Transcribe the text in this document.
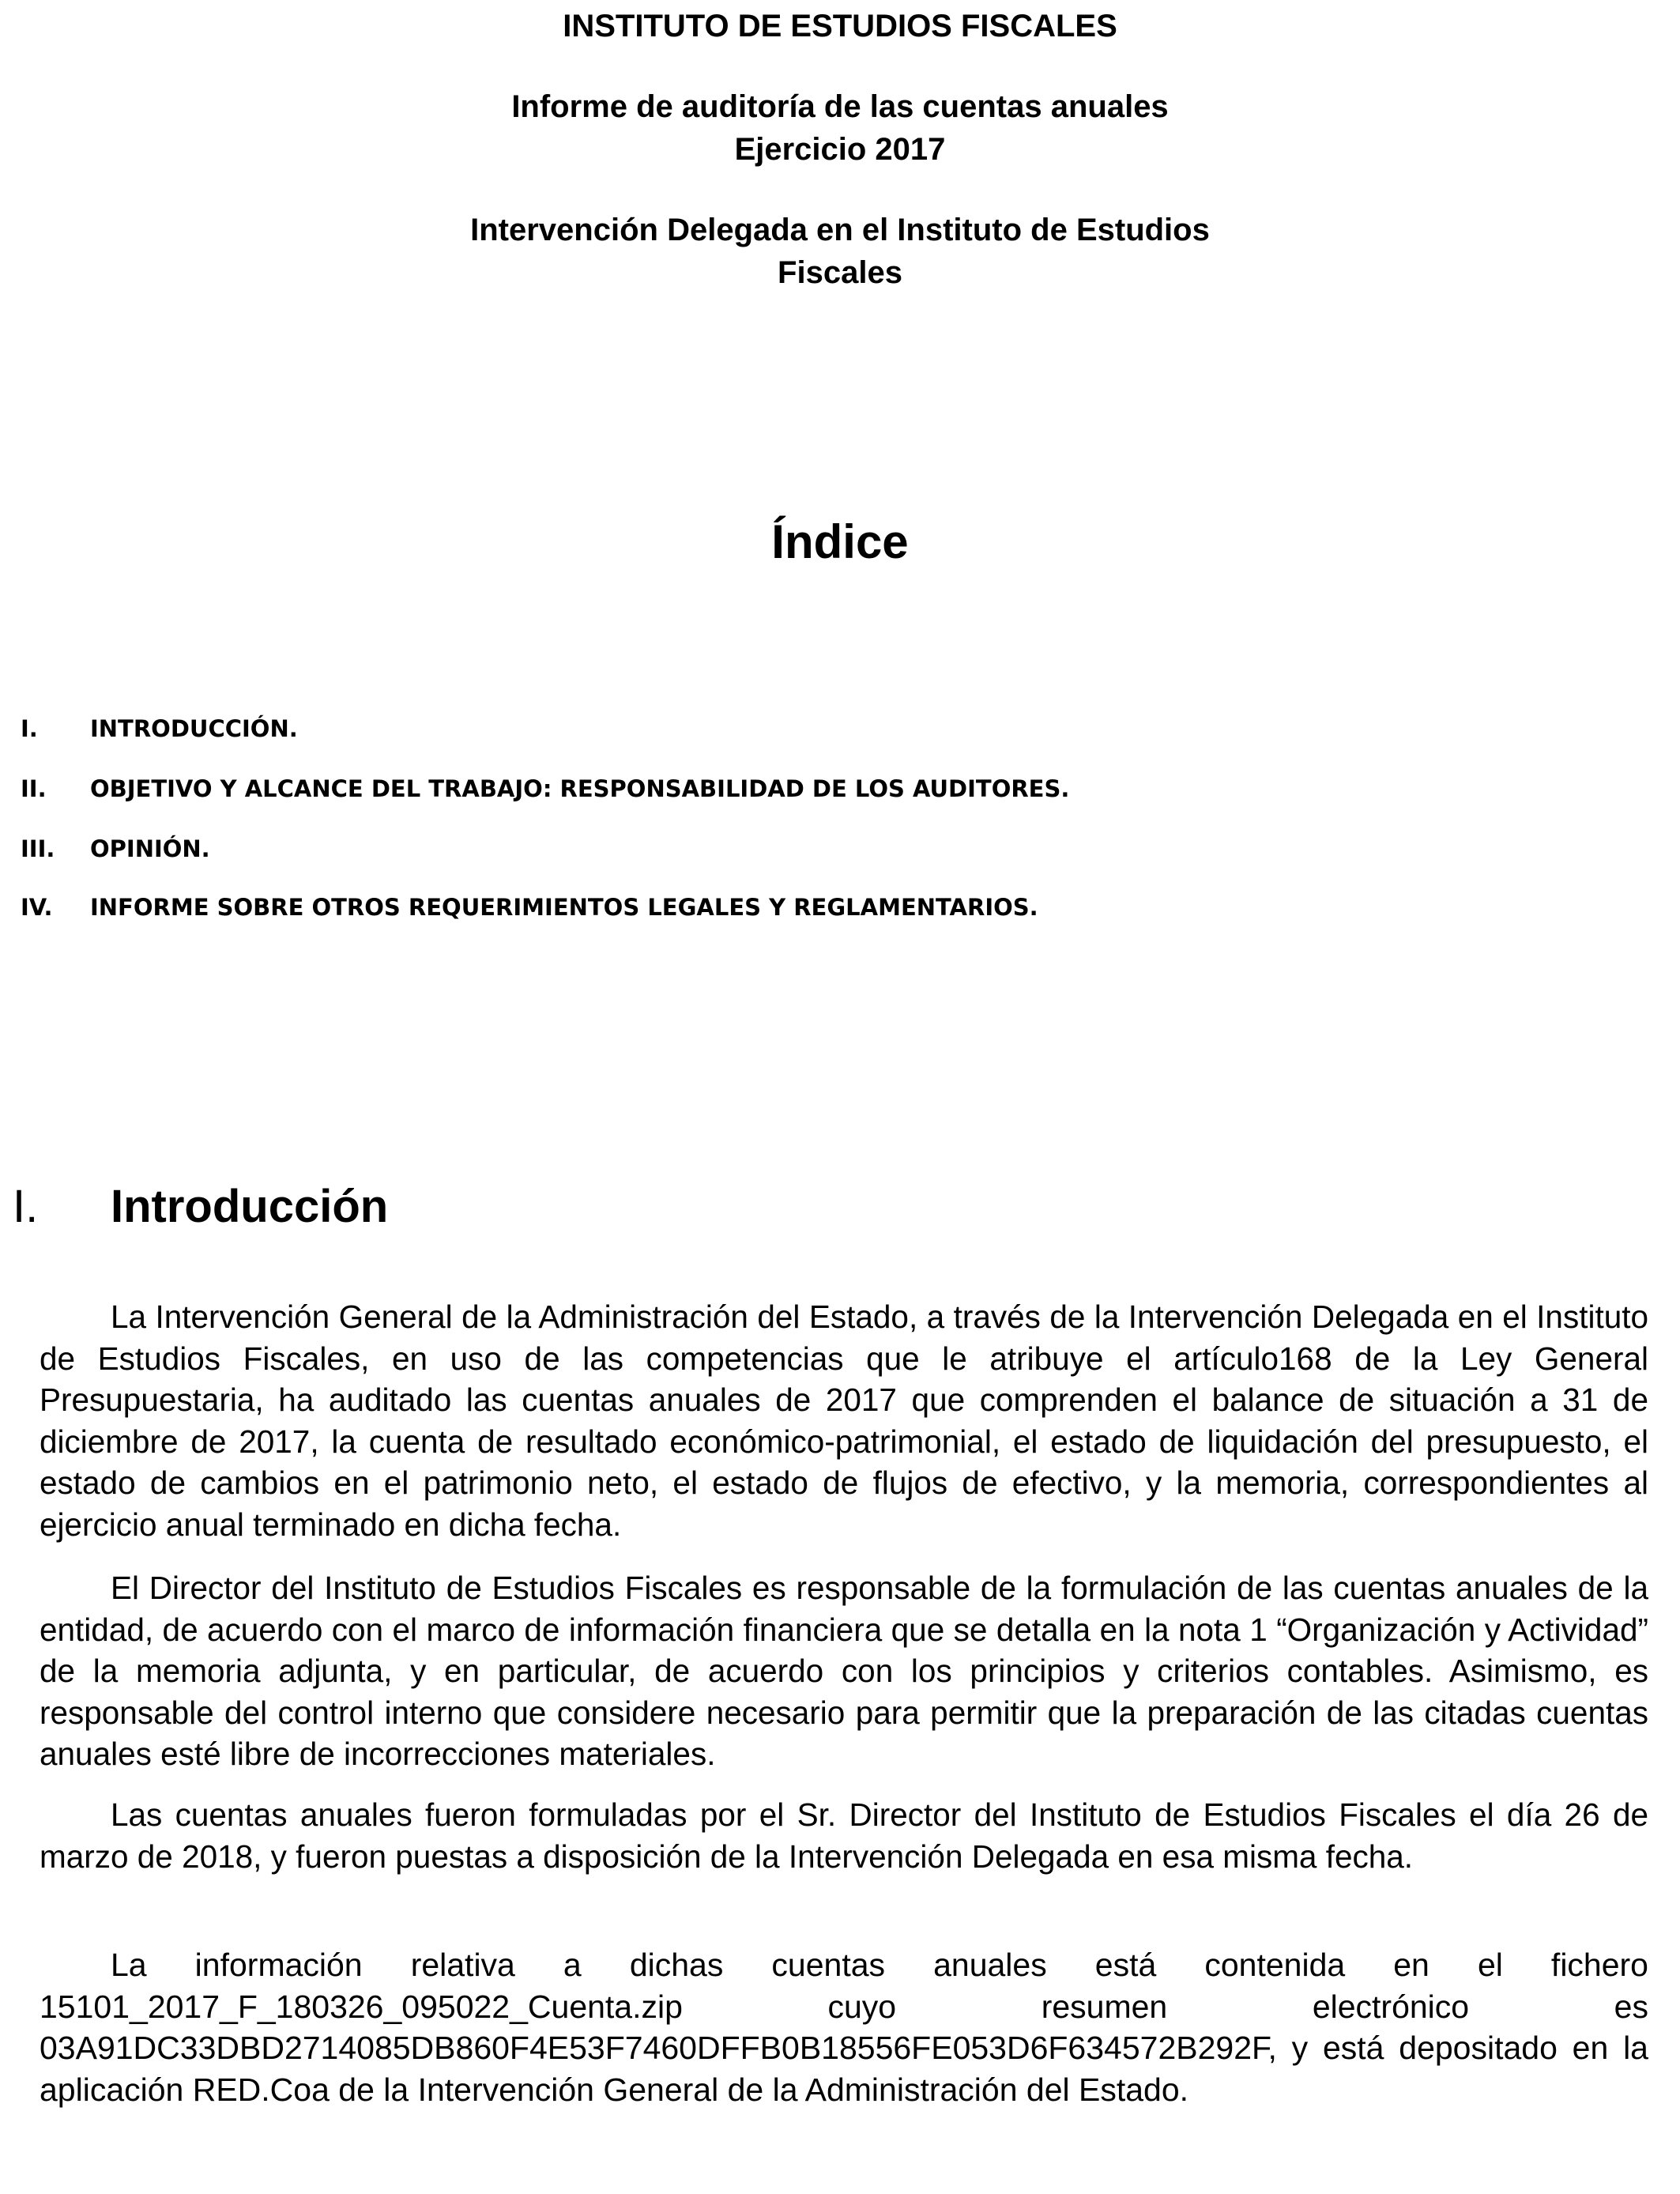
INSTITUTO DE ESTUDIOS FISCALES
Informe de auditoría de las cuentas anuales
Ejercicio 2017
Intervención Delegada en el Instituto de Estudios
Fiscales
Índice
I. INTRODUCCIÓN.
II. OBJETIVO Y ALCANCE DEL TRABAJO: RESPONSABILIDAD DE LOS AUDITORES.
III. OPINIÓN.
IV. INFORME SOBRE OTROS REQUERIMIENTOS LEGALES Y REGLAMENTARIOS.
I. Introducción

La Intervención General de la Administración del Estado, a través de la Intervención Delegada en el Instituto de Estudios Fiscales, en uso de las competencias que le atribuye el artículo168 de la Ley General Presupuestaria, ha auditado las cuentas anuales de 2017 que comprenden el balance de situación a 31 de diciembre de 2017, la cuenta de resultado económico-patrimonial, el estado de liquidación del presupuesto, el estado de cambios en el patrimonio neto, el estado de flujos de efectivo, y la memoria, correspondientes al ejercicio anual terminado en dicha fecha.

El Director del Instituto de Estudios Fiscales es responsable de la formulación de las cuentas anuales de la entidad, de acuerdo con el marco de información financiera que se detalla en la nota 1 “Organización y Actividad” de la memoria adjunta, y en particular, de acuerdo con los principios y criterios contables. Asimismo, es responsable del control interno que considere necesario para permitir que la preparación de las citadas cuentas anuales esté libre de incorrecciones materiales.

Las cuentas anuales fueron formuladas por el Sr. Director del Instituto de Estudios Fiscales el día 26 de marzo de 2018, y fueron puestas a disposición de la Intervención Delegada en esa misma fecha.

La información relativa a dichas cuentas anuales está contenida en el fichero 15101_2017_F_180326_095022_Cuenta.zip cuyo resumen electrónico es 03A91DC33DBD2714085DB860F4E53F7460DFFB0B18556FE053D6F634572B292F, y está depositado en la aplicación RED.Coa de la Intervención General de la Administración del Estado.
